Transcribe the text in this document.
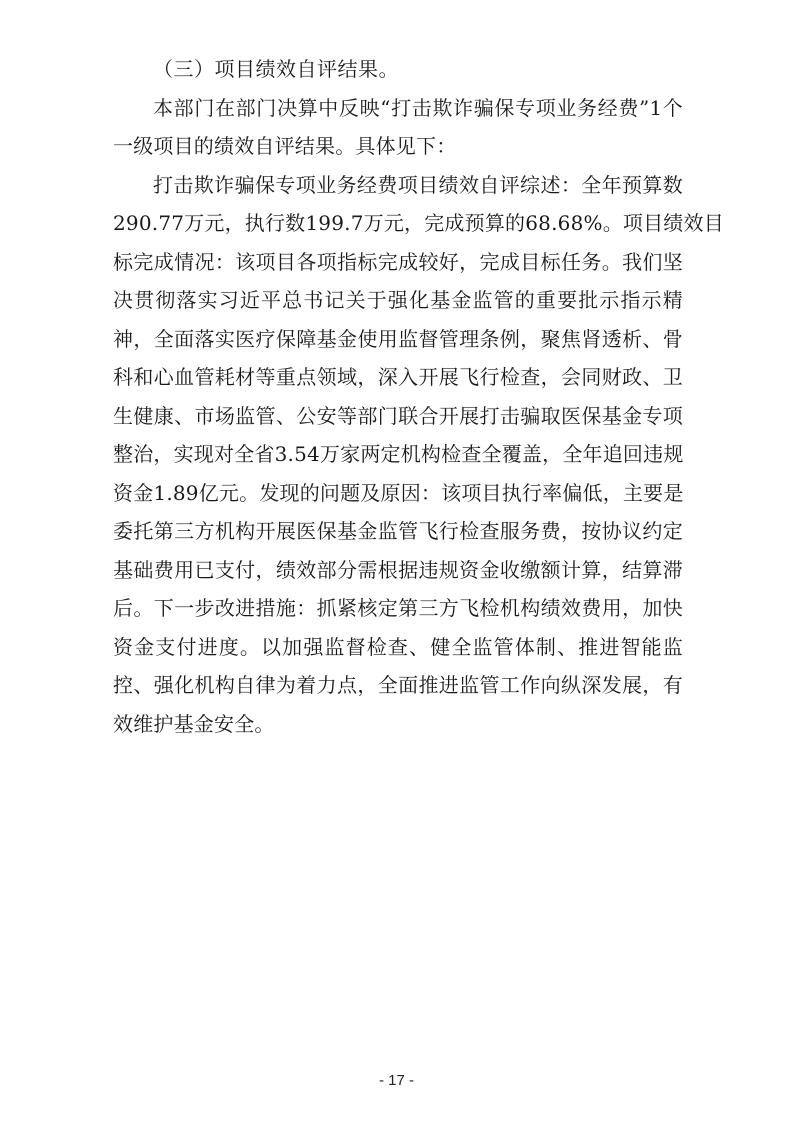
（三）项目绩效自评结果。

本部门在部门决算中反映“打击欺诈骗保专项业务经费”1个
一级项目的绩效自评结果。具体见下：
打击欺诈骗保专项业务经费项目绩效自评综述：全年预算数
290.77万元，执行数199.7万元，完成预算的68.68%。项目绩效目
标完成情况：该项目各项指标完成较好，完成目标任务。我们坚
决贯彻落实习近平总书记关于强化基金监管的重要批示指示精
神，全面落实医疗保障基金使用监督管理条例，聚焦肾透析、骨
科和心血管耗材等重点领域，深入开展飞行检查，会同财政、卫
生健康、市场监管、公安等部门联合开展打击骗取医保基金专项
整治，实现对全省3.54万家两定机构检查全覆盖，全年追回违规
资金1.89亿元。发现的问题及原因：该项目执行率偏低，主要是
委托第三方机构开展医保基金监管飞行检查服务费，按协议约定
基础费用已支付，绩效部分需根据违规资金收缴额计算，结算滞
后。下一步改进措施：抓紧核定第三方飞检机构绩效费用，加快
资金支付进度。以加强监督检查、健全监管体制、推进智能监
控、强化机构自律为着力点，全面推进监管工作向纵深发展，有
效维护基金安全。
- 17 -
